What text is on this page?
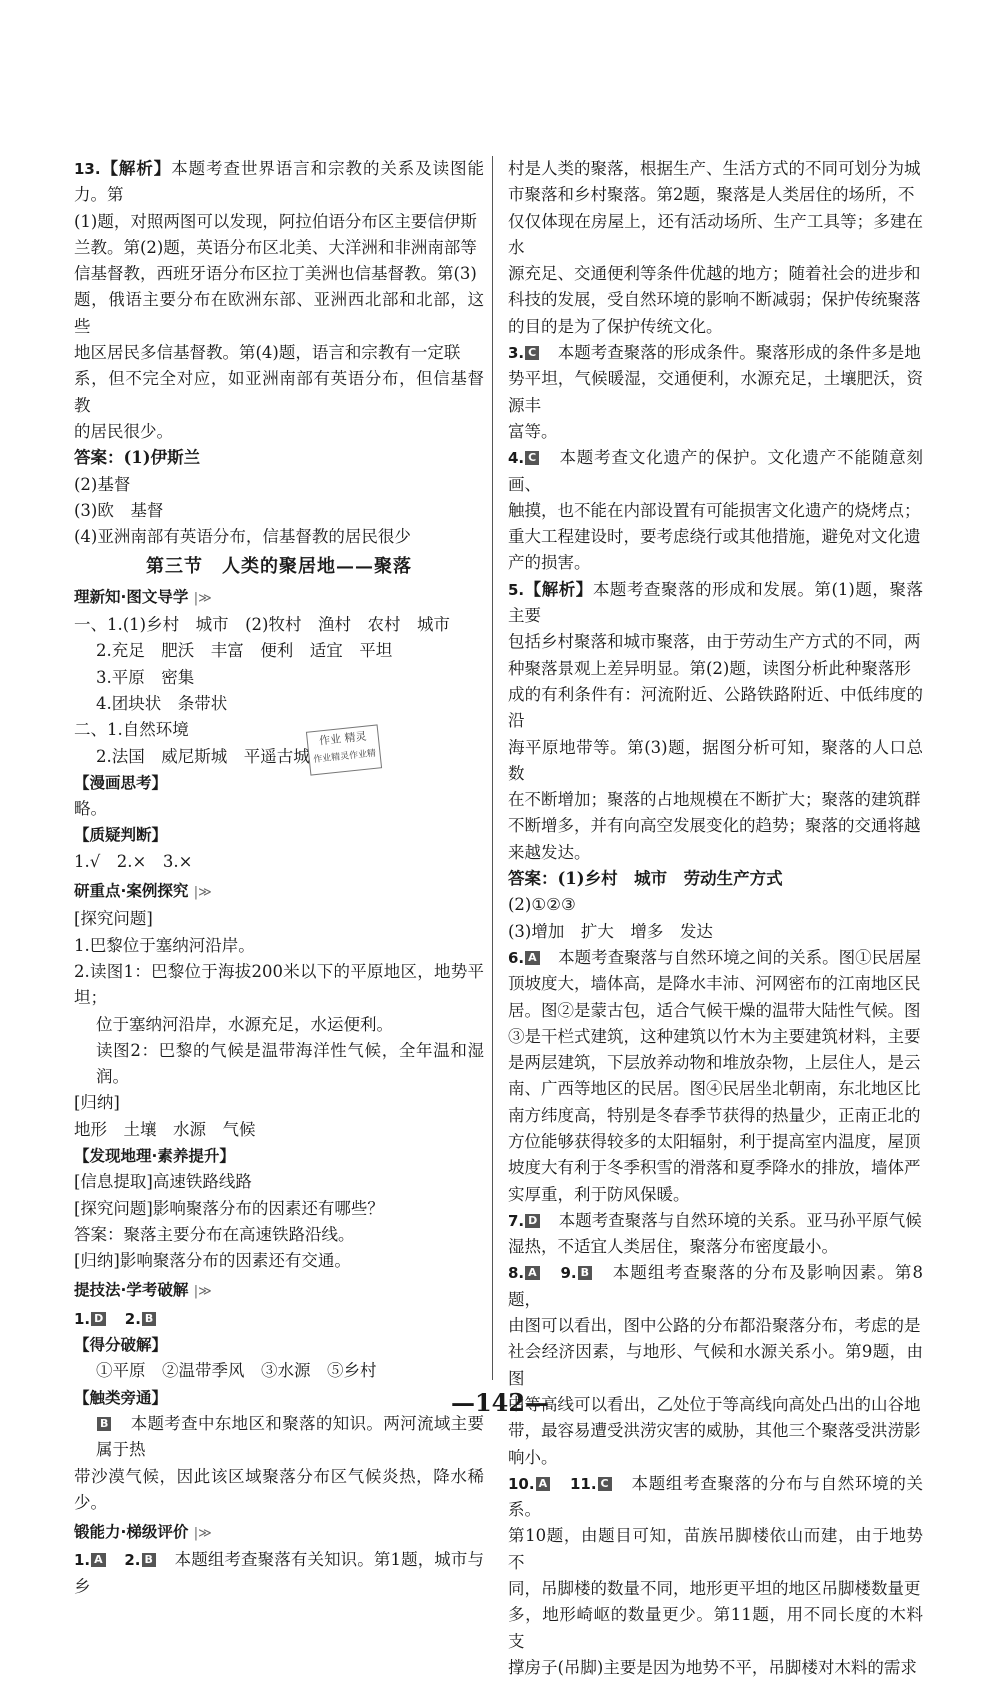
13.【解析】本题考查世界语言和宗教的关系及读图能力。第
(1)题，对照两图可以发现，阿拉伯语分布区主要信伊斯
兰教。第(2)题，英语分布区北美、大洋洲和非洲南部等
信基督教，西班牙语分布区拉丁美洲也信基督教。第(3)
题，俄语主要分布在欧洲东部、亚洲西北部和北部，这些
地区居民多信基督教。第(4)题，语言和宗教有一定联
系，但不完全对应，如亚洲南部有英语分布，但信基督教
的居民很少。
答案：(1)伊斯兰
(2)基督
(3)欧　基督
(4)亚洲南部有英语分布，信基督教的居民很少
第三节　人类的聚居地——聚落
理新知·图文导学 |≫
一、1.(1)乡村　城市　(2)牧村　渔村　农村　城市
2.充足　肥沃　丰富　便利　适宜　平坦
3.平原　密集
4.团块状　条带状
二、1.自然环境
2.法国　威尼斯城　平遥古城
【漫画思考】
略。
【质疑判断】
1.√　2.×　3.×
研重点·案例探究 |≫
[探究问题]
1.巴黎位于塞纳河沿岸。
2.读图1：巴黎位于海拔200米以下的平原地区，地势平坦；
位于塞纳河沿岸，水源充足，水运便利。
读图2：巴黎的气候是温带海洋性气候，全年温和湿润。
[归纳]
地形　土壤　水源　气候
【发现地理·素养提升】
[信息提取]高速铁路线路
[探究问题]影响聚落分布的因素还有哪些？
答案：聚落主要分布在高速铁路沿线。
[归纳]影响聚落分布的因素还有交通。
提技法·学考破解 |≫
1. D　 2. B
【得分破解】
①平原　②温带季风　③水源　⑤乡村
【触类旁通】
B　 本题考查中东地区和聚落的知识。两河流域主要属于热
带沙漠气候，因此该区域聚落分布区气候炎热，降水稀少。
锻能力·梯级评价 |≫
1. A　 2. B　 本题组考查聚落有关知识。第1题，城市与乡
作业 精灵
作业精灵作业精
村是人类的聚落，根据生产、生活方式的不同可划分为城
市聚落和乡村聚落。第2题，聚落是人类居住的场所，不
仅仅体现在房屋上，还有活动场所、生产工具等；多建在水
源充足、交通便利等条件优越的地方；随着社会的进步和
科技的发展，受自然环境的影响不断减弱；保护传统聚落
的目的是为了保护传统文化。
3. C　 本题考查聚落的形成条件。聚落形成的条件多是地
势平坦，气候暖湿，交通便利，水源充足，土壤肥沃，资源丰
富等。
4. C　 本题考查文化遗产的保护。文化遗产不能随意刻画、
触摸，也不能在内部设置有可能损害文化遗产的烧烤点；
重大工程建设时，要考虑绕行或其他措施，避免对文化遗
产的损害。
5.【解析】本题考查聚落的形成和发展。第(1)题，聚落主要
包括乡村聚落和城市聚落，由于劳动生产方式的不同，两
种聚落景观上差异明显。第(2)题，读图分析此种聚落形
成的有利条件有：河流附近、公路铁路附近、中低纬度的沿
海平原地带等。第(3)题，据图分析可知，聚落的人口总数
在不断增加；聚落的占地规模在不断扩大；聚落的建筑群
不断增多，并有向高空发展变化的趋势；聚落的交通将越
来越发达。
答案：(1)乡村　城市　劳动生产方式
(2)①②③
(3)增加　扩大　增多　发达
6. A　 本题考查聚落与自然环境之间的关系。图①民居屋
顶坡度大，墙体高，是降水丰沛、河网密布的江南地区民
居。图②是蒙古包，适合气候干燥的温带大陆性气候。图
③是干栏式建筑，这种建筑以竹木为主要建筑材料，主要
是两层建筑，下层放养动物和堆放杂物，上层住人，是云
南、广西等地区的民居。图④民居坐北朝南，东北地区比
南方纬度高，特别是冬春季节获得的热量少，正南正北的
方位能够获得较多的太阳辐射，利于提高室内温度，屋顶
坡度大有利于冬季积雪的滑落和夏季降水的排放，墙体严
实厚重，利于防风保暖。
7. D　 本题考查聚落与自然环境的关系。亚马孙平原气候
湿热，不适宜人类居住，聚落分布密度最小。
8. A　 9. B　 本题组考查聚落的分布及影响因素。第8题，
由图可以看出，图中公路的分布都沿聚落分布，考虑的是
社会经济因素，与地形、气候和水源关系小。第9题，由图
中等高线可以看出，乙处位于等高线向高处凸出的山谷地
带，最容易遭受洪涝灾害的威胁，其他三个聚落受洪涝影
响小。
10. A　 11. C　 本题组考查聚落的分布与自然环境的关系。
第10题，由题目可知，苗族吊脚楼依山而建，由于地势不
同，吊脚楼的数量不同，地形更平坦的地区吊脚楼数量更
多，地形崎岖的数量更少。第11题，用不同长度的木料支
撑房子(吊脚)主要是因为地势不平，吊脚楼对木料的需求
—142—
